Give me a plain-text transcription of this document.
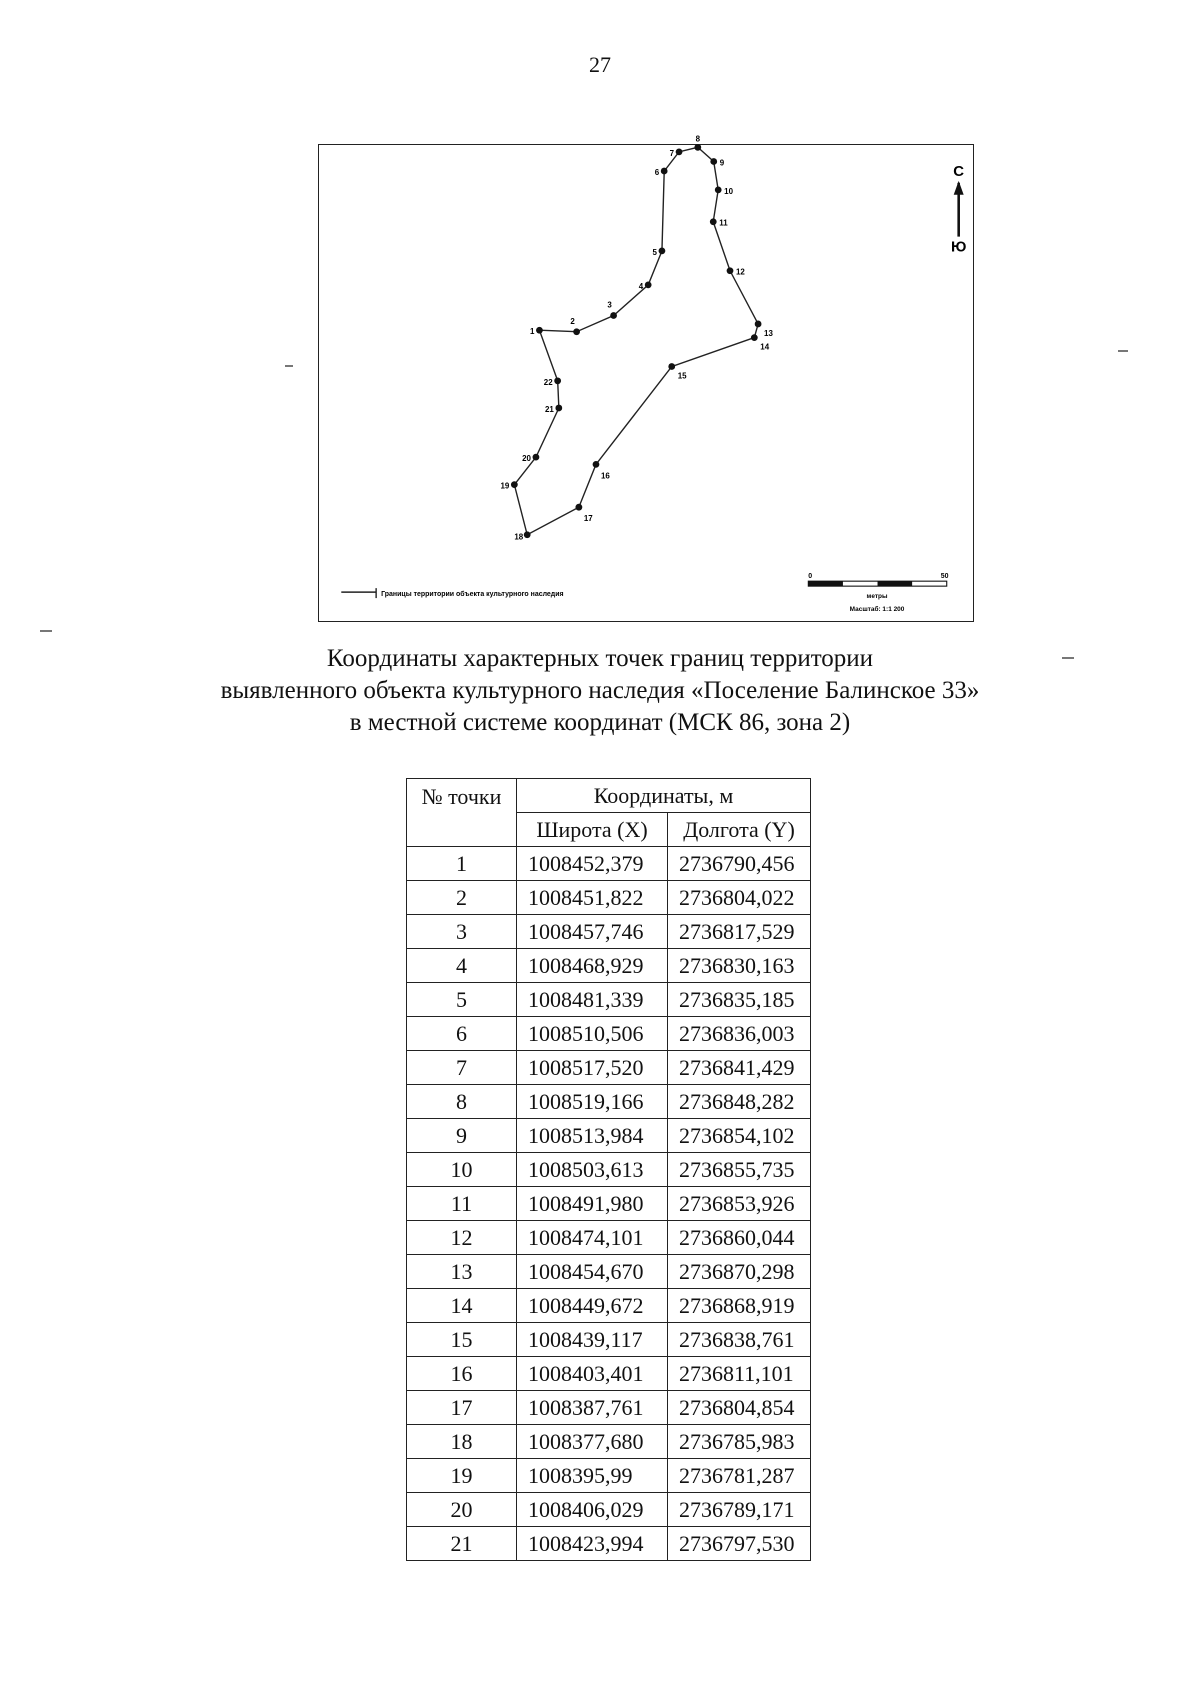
27
1
2
3
4
5
6
7
8
9
10
11
12
13
14
15
16
17
18
19
20
21
22
С
Ю
Границы территории объекта культурного наследия
0	50
метры
Масштаб: 1:1 200
Координаты характерных точек границ территории
выявленного объекта культурного наследия «Поселение Балинское 33»
в местной системе координат (МСК 86, зона 2)
№ точки	Координаты, м	
	Широта (X)	Долгота (Y)
1	1008452,379	2736790,456
2	1008451,822	2736804,022
3	1008457,746	2736817,529
4	1008468,929	2736830,163
5	1008481,339	2736835,185
6	1008510,506	2736836,003
7	1008517,520	2736841,429
8	1008519,166	2736848,282
9	1008513,984	2736854,102
10	1008503,613	2736855,735
11	1008491,980	2736853,926
12	1008474,101	2736860,044
13	1008454,670	2736870,298
14	1008449,672	2736868,919
15	1008439,117	2736838,761
16	1008403,401	2736811,101
17	1008387,761	2736804,854
18	1008377,680	2736785,983
19	1008395,99	2736781,287
20	1008406,029	2736789,171
21	1008423,994	2736797,530
